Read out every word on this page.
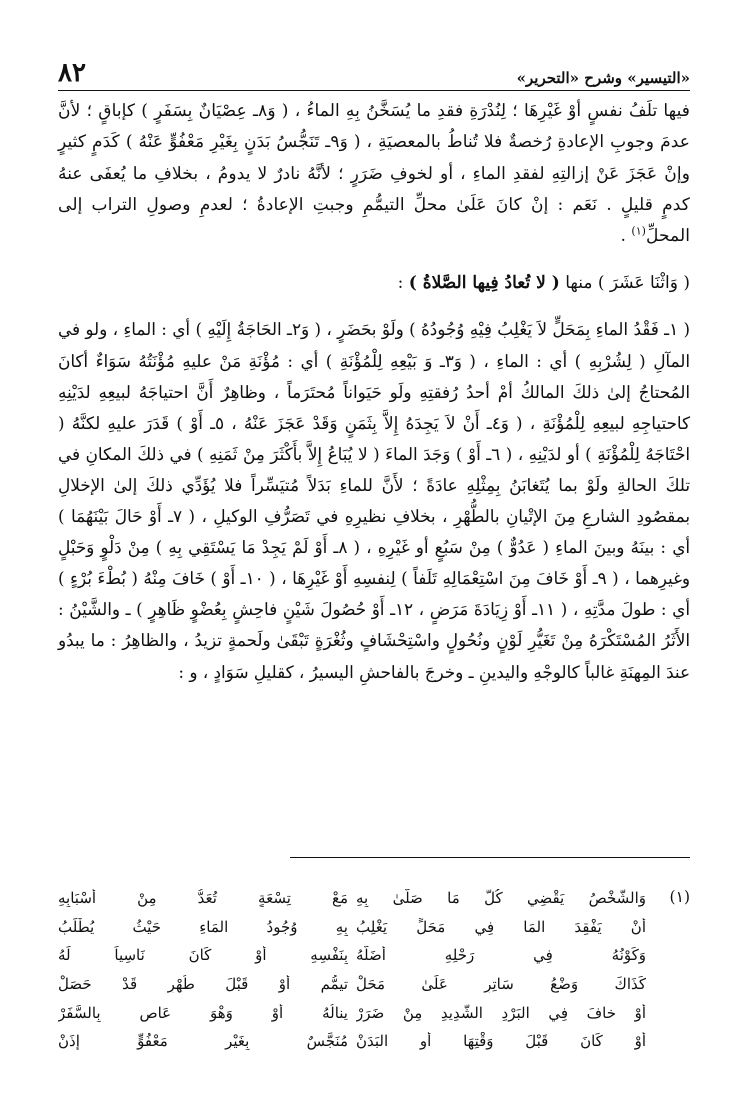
«التيسير» وشرح «التحرير»
٨٢

فيها تلَفُ نفسٍ أوْ غَيْرِهَا ؛ لِنُدْرَةِ فقدِ ما يُسَخَّنُ بِهِ الماءُ ، ( وَ٨ـ عِصْيَانٌ بِسَفَرٍ ) كإباقٍ ؛ لأنَّ عدمَ وجوبِ الإعادةِ رُخصةٌ فلا تُناطُ بالمعصيَةِ ، ( وَ٩ـ تَنَجُّسُ بَدَنٍ بِغَيْرِ مَعْفُوٍّ عَنْهُ ) كَدَمٍ كثيرٍ وإنْ عَجَزَ عَنْ إزالتِهِ لفقدِ الماءِ ، أو لخوفِ ضَرَرٍ ؛ لأنَّهُ نادرٌ لا يدومُ ، بخلافِ ما يُعفَى عنهُ كدمٍ قليلٍ . نَعَم : إنْ كانَ عَلَىٰ محلِّ التيمُّمِ وجبتِ الإعادةُ ؛ لعدمِ وصولِ التراب إلى المحلِّ$^{(١)}$ .

( وَاثْنَا عَشَرَ ) منها ( لا تُعادُ فِيها الصَّلاةُ ) :

( ١ـ فَقْدُ الماءِ بِمَحَلٍّ لاَ يَغْلِبُ فِيْهِ وُجُودُهُ ) ولَوْ بحَضَرٍ ، ( وَ٢ـ الحَاجَةُ إِلَيْهِ ) أي : الماءِ ، ولو في المآلِ ( لِشُرْبِهِ ) أي : الماءِ ، ( وَ٣ـ وَ بَيْعِهِ لِلْمُؤْنَةِ ) أي : مُؤْنَةِ مَنْ عليهِ مُؤْنَتُهُ سَوَاءٌ أكانَ المُحتاجُ إلىٰ ذلكَ المالكُ أمْ أحدُ رُفقتِهِ ولَو حَيَواناً مُحتَرَماً ، وظاهِرٌ أَنَّ احتياجَهُ لبيعِهِ لدَيْنِهِ كاحتياجِهِ لبيعِهِ لِلْمُؤْنَةِ ، ( وَ٤ـ أَنْ لاَ يَجِدَهُ إِلاَّ بِثَمَنٍ وَقَدْ عَجَزَ عَنْهُ ، ٥ـ أَوْ ) قَدَرَ عليهِ لكنَّهُ ( احْتَاجَهُ لِلْمُؤْنَةِ ) أو لدَيْنِهِ ، ( ٦ـ أَوْ ) وَجَدَ الماءَ ( لا يُبَاعُ إِلاَّ بأَكْثَرَ مِنْ ثَمَنِهِ ) في ذلكَ المكانِ في تلكَ الحالةِ ولَوْ بما يُتَغابَنُ بِمِثْلِهِ عادَةً ؛ لأَنَّ للماءِ بَدَلاً مُتيَسِّراً فلا يُؤَدِّي ذلكَ إلىٰ الإخلالِ بمقصُودِ الشارعِ مِنَ الإتْيانِ بالطُّهْرِ ، بخلافِ نظيرِهِ في تَصَرُّفِ الوكيلِ ، ( ٧ـ أَوْ حَالَ بَيْنَهُمَا ) أي : بينَهُ وبينَ الماءِ ( عَدُوٌّ ) مِنْ سَبُعٍ أو غَيْرِهِ ، ( ٨ـ أَوْ لَمْ يَجِدْ مَا يَسْتَقِي بِهِ ) مِنْ دَلْوٍ وَحَبْلٍ وغيرِهما ، ( ٩ـ أَوْ خَافَ مِنَ اسْتِعْمَالِهِ تَلَفاً ) لِنفسِهِ أَوْ غَيْرِهَا ، ( ١٠ـ أَوْ ) خَافَ مِنْهُ ( بُطْءَ بُرْءٍ ) أي : طولَ مدَّتِهِ ، ( ١١ـ أَوْ زِيَادَةَ مَرَضٍ ، ١٢ـ أَوْ حُصُولَ شَيْنٍ فاحِشٍ بِعُضْوٍ ظَاهِرٍ ) ـ والشَّيْنُ : الأَثَرُ المُسْتَكْرَهُ مِنْ تَغَيُّرِ لَوْنٍ ونُحُولٍ واسْتِحْشَافٍ وثُغْرَةٍ تَبْقَىٰ ولَحمةٍ تزيدُ ، والظاهِرُ : ما يبدُو عندَ المِهنَةِ غالباً كالوجْهِ واليدينِ ـ وخرجَ بالفاحشِ اليسيرُ ، كقليلِ سَوَادٍ ، و :

(١)
وَالشَّخْصُ يَقْضِي كُلَّ مَا صَلَّىٰ بِهِ
مَعْ تِسْعَةٍ تُعَدُّ مِنْ أَسْبَابِهِ
أَنْ يَفْقِدَ المَا فِي مَحَلٍّ يَغْلِبُ
بِهِ وُجُودُ المَاءِ حَيْثُ يُطْلَبُ
وَكَوْنُهُ فِي رَحْلِهِ أَضَلَّهُ
بِنَفْسِهِ أَوْ كَانَ نَاسِياً لَهُ
كَذَاكَ وَضْعُ سَاتِرٍ عَلَىٰ مَحَلْ
تيمُّمٍ أَوْ قَبْلَ طُهْرٍ قَدْ حَصَلْ
أَوْ خافَ فِي البَرْدِ الشَّدِيدِ مِنْ ضَرَرْ
ينالُهُ أَوْ وَهْوَ عَاصٍ بِالسَّفَرْ
أَوْ كَانَ قَبْلَ وَقْتِهَا أَوِ البَدَنْ
مُنَجَّسٌ بِغَيْرِ مَعْفُوٍّ إِذَنْ
